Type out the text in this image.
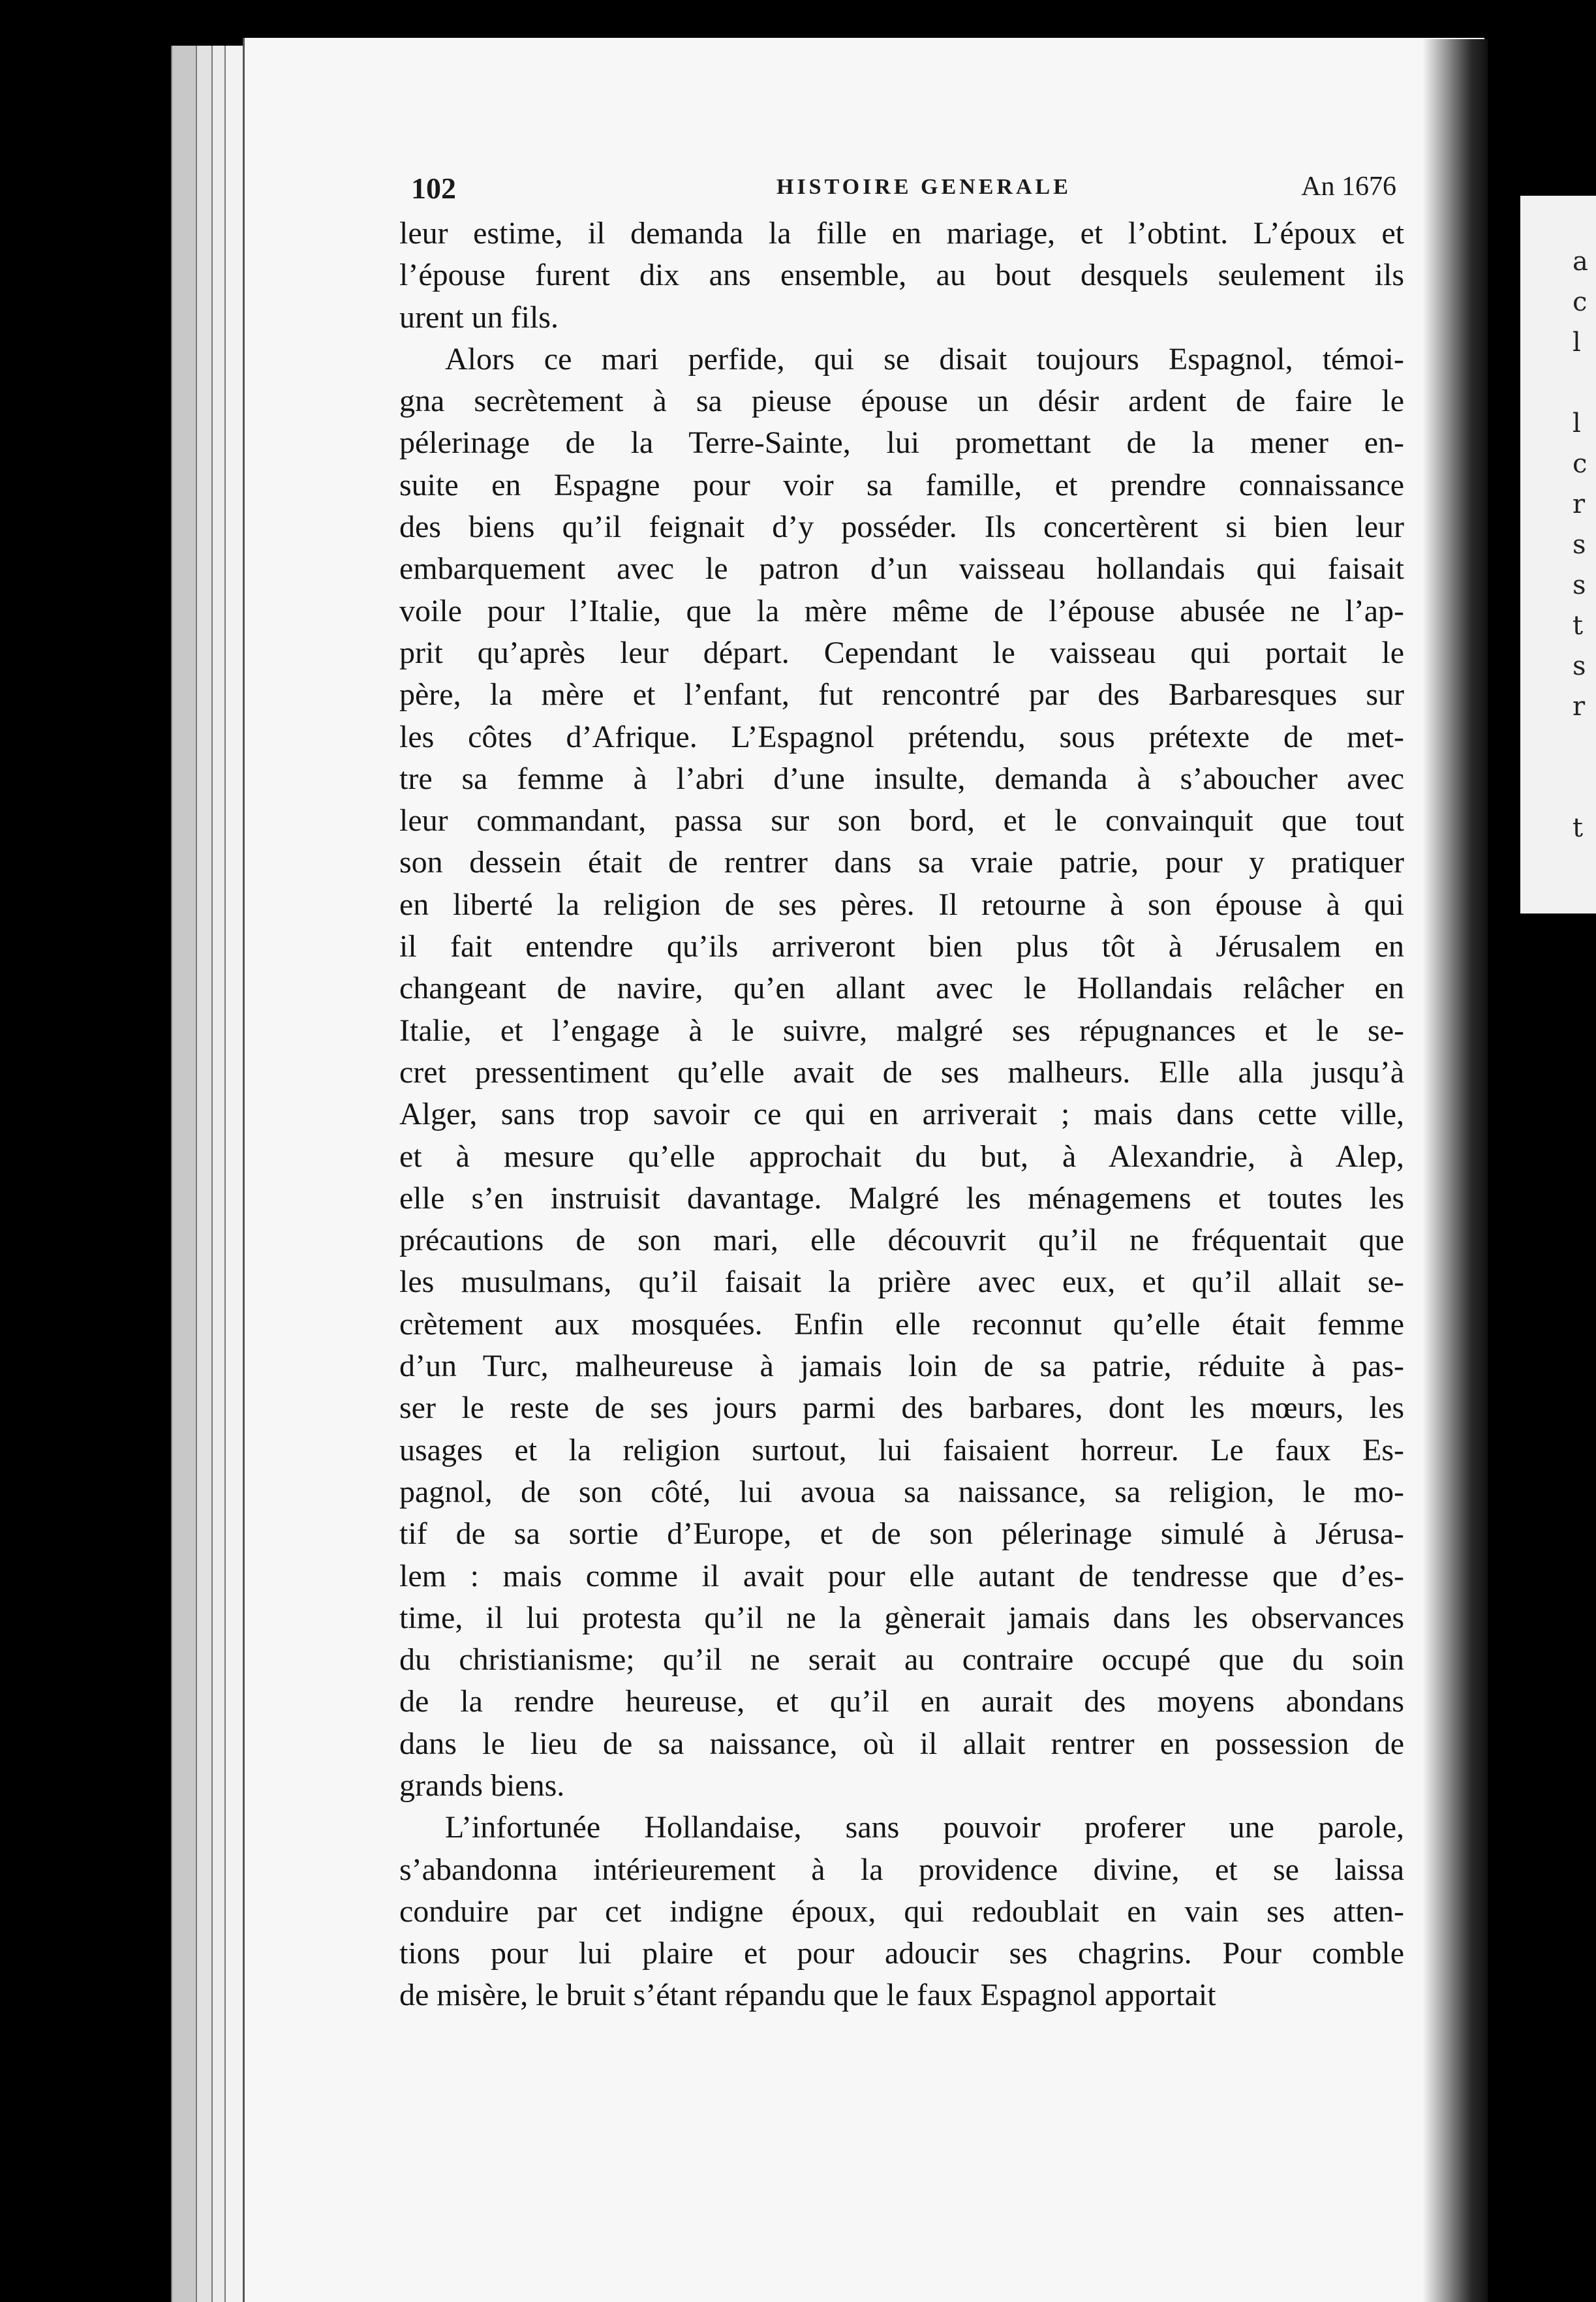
a
c
l

l
c
r
s
s
t
s
r

t
102	HISTOIRE GENERALE	An 1676
leur estime, il demanda la fille en mariage, et l’obtint. L’époux et
l’épouse furent dix ans ensemble, au bout desquels seulement ils
urent un fils.
Alors ce mari perfide, qui se disait toujours Espagnol, témoi-
gna secrètement à sa pieuse épouse un désir ardent de faire le
pélerinage de la Terre-Sainte, lui promettant de la mener en-
suite en Espagne pour voir sa famille, et prendre connaissance
des biens qu’il feignait d’y posséder. Ils concertèrent si bien leur
embarquement avec le patron d’un vaisseau hollandais qui faisait
voile pour l’Italie, que la mère même de l’épouse abusée ne l’ap-
prit qu’après leur départ. Cependant le vaisseau qui portait le
père, la mère et l’enfant, fut rencontré par des Barbaresques sur
les côtes d’Afrique. L’Espagnol prétendu, sous prétexte de met-
tre sa femme à l’abri d’une insulte, demanda à s’aboucher avec
leur commandant, passa sur son bord, et le convainquit que tout
son dessein était de rentrer dans sa vraie patrie, pour y pratiquer
en liberté la religion de ses pères. Il retourne à son épouse à qui
il fait entendre qu’ils arriveront bien plus tôt à Jérusalem en
changeant de navire, qu’en allant avec le Hollandais relâcher en
Italie, et l’engage à le suivre, malgré ses répugnances et le se-
cret pressentiment qu’elle avait de ses malheurs. Elle alla jusqu’à
Alger, sans trop savoir ce qui en arriverait ; mais dans cette ville,
et à mesure qu’elle approchait du but, à Alexandrie, à Alep,
elle s’en instruisit davantage. Malgré les ménagemens et toutes les
précautions de son mari, elle découvrit qu’il ne fréquentait que
les musulmans, qu’il faisait la prière avec eux, et qu’il allait se-
crètement aux mosquées. Enfin elle reconnut qu’elle était femme
d’un Turc, malheureuse à jamais loin de sa patrie, réduite à pas-
ser le reste de ses jours parmi des barbares, dont les mœurs, les
usages et la religion surtout, lui faisaient horreur. Le faux Es-
pagnol, de son côté, lui avoua sa naissance, sa religion, le mo-
tif de sa sortie d’Europe, et de son pélerinage simulé à Jérusa-
lem : mais comme il avait pour elle autant de tendresse que d’es-
time, il lui protesta qu’il ne la gènerait jamais dans les observances
du christianisme; qu’il ne serait au contraire occupé que du soin
de la rendre heureuse, et qu’il en aurait des moyens abondans
dans le lieu de sa naissance, où il allait rentrer en possession de
grands biens.
L’infortunée Hollandaise, sans pouvoir proferer une parole,
s’abandonna intérieurement à la providence divine, et se laissa
conduire par cet indigne époux, qui redoublait en vain ses atten-
tions pour lui plaire et pour adoucir ses chagrins. Pour comble
de misère, le bruit s’étant répandu que le faux Espagnol apportait
